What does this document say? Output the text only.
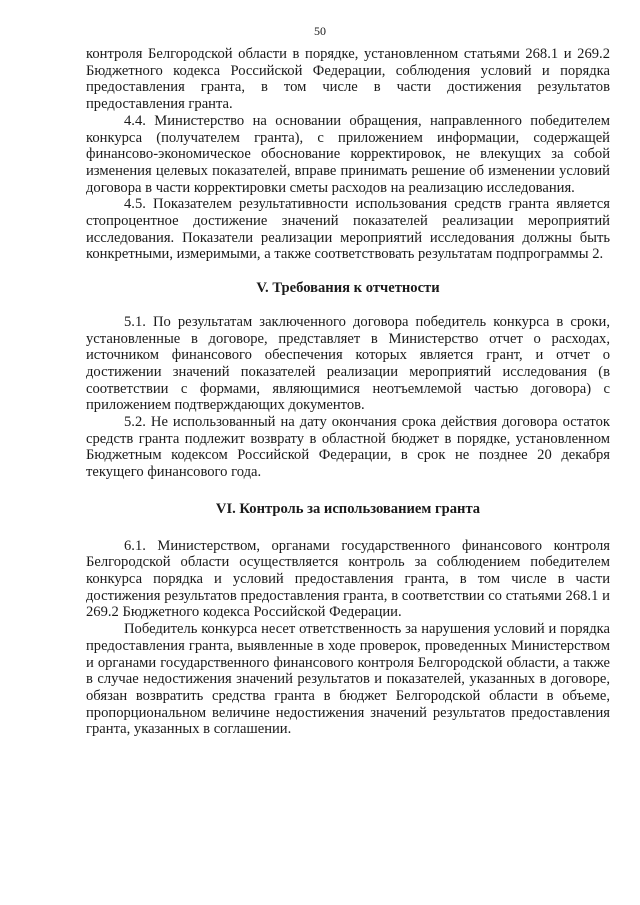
50

контроля Белгородской области в порядке, установленном статьями 268.1 и 269.2 Бюджетного кодекса Российской Федерации, соблюдения условий и порядка предоставления гранта, в том числе в части достижения результатов предоставления гранта.

4.4. Министерство на основании обращения, направленного победителем конкурса (получателем гранта), с приложением информации, содержащей финансово-экономическое обоснование корректировок, не влекущих за собой изменения целевых показателей, вправе принимать решение об изменении условий договора в части корректировки сметы расходов на реализацию исследования.

4.5. Показателем результативности использования средств гранта является стопроцентное достижение значений показателей реализации мероприятий исследования. Показатели реализации мероприятий исследования должны быть конкретными, измеримыми, а также соответствовать результатам подпрограммы 2.

V. Требования к отчетности

5.1. По результатам заключенного договора победитель конкурса в сроки, установленные в договоре, представляет в Министерство отчет о расходах, источником финансового обеспечения которых является грант, и отчет о достижении значений показателей реализации мероприятий исследования (в соответствии с формами, являющимися неотъемлемой частью договора) с приложением подтверждающих документов.

5.2. Не использованный на дату окончания срока действия договора остаток средств гранта подлежит возврату в областной бюджет в порядке, установленном Бюджетным кодексом Российской Федерации, в срок не позднее 20 декабря текущего финансового года.

VI. Контроль за использованием гранта

6.1. Министерством, органами государственного финансового контроля Белгородской области осуществляется контроль за соблюдением победителем конкурса порядка и условий предоставления гранта, в том числе в части достижения результатов предоставления гранта, в соответствии со статьями 268.1 и 269.2 Бюджетного кодекса Российской Федерации.

Победитель конкурса несет ответственность за нарушения условий и порядка предоставления гранта, выявленные в ходе проверок, проведенных Министерством и органами государственного финансового контроля Белгородской области, а также в случае недостижения значений результатов и показателей, указанных в договоре, обязан возвратить средства гранта в бюджет Белгородской области в объеме, пропорциональном величине недостижения значений результатов предоставления гранта, указанных в соглашении.
